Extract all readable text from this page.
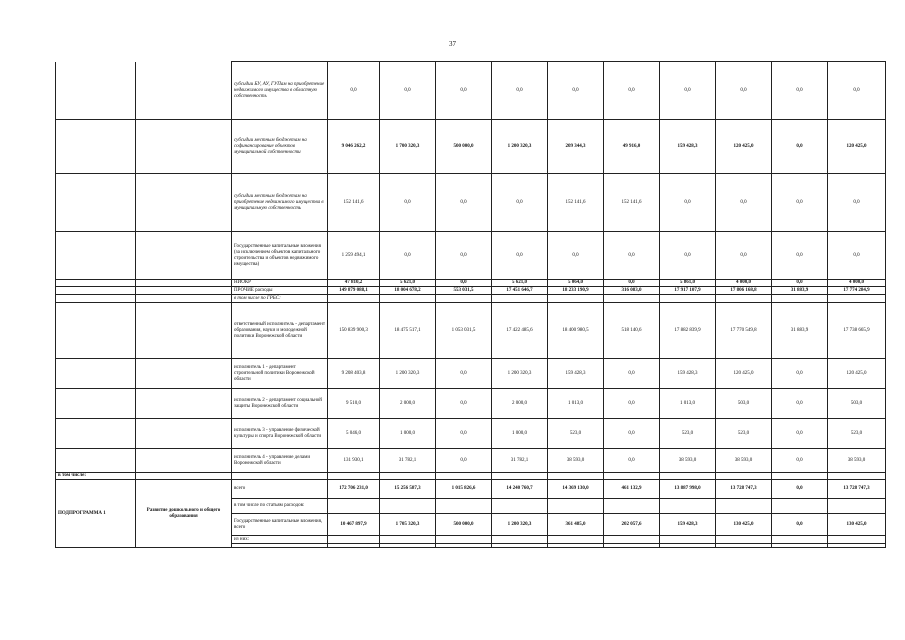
37
		субсидии БУ, АУ, ГУПам на приобретение недвижимого имущества в областную собственность	0,0	0,0	0,0	0,0	0,0	0,0	0,0	0,0	0,0	0,0
		субсидии местным бюджетам на софинансирование объектов муниципальной собственности	9 046 262,2	1 700 320,3	500 000,0	1 200 320,3	209 344,3	49 916,0	159 428,3	120 425,0	0,0	120 425,0
		субсидии местным бюджетам на приобретение недвижимого имущества в муниципальную собственность	152 141,6	0,0	0,0	0,0	152 141,6	152 141,6	0,0	0,0	0,0	0,0
		Государственные капитальные вложения (за исключением объектов капитального строительства и объектов недвижимого имущества)	1 259 494,1	0,0	0,0	0,0	0,0	0,0	0,0	0,0	0,0	0,0
		НИОКР	47 810,2	5 621,0	0,0	5 621,0	5 064,0	0,0	5 861,0	4 000,0	0,0	4 000,0
		ПРОЧИЕ расходы	149 879 088,1	18 004 678,2	553 031,5	17 451 646,7	18 233 190,9	316 083,0	17 917 107,9	17 806 168,8	31 883,9	17 774 284,9
		в том числе по ГРБС:										
		ответственный исполнитель - департамент образования, науки и молодежной политики Воронежской области	150 839 900,3	18 475 517,1	1 053 031,5	17 422 485,6	18 400 980,5	518 140,6	17 882 839,9	17 770 549,8	31 883,9	17 738 665,9
		исполнитель 1 - департамент строительной политики Воронежской области	9 208 403,8	1 200 320,3	0,0	1 200 320,3	159 428,3	0,0	159 428,3	120 425,0	0,0	120 425,0
		исполнитель 2 - департамент социальной защиты Воронежской области	9 510,0	2 000,0	0,0	2 000,0	1 013,0	0,0	1 013,0	503,0	0,0	503,0
		исполнитель 3 - управление физической культуры и спорта Воронежской области	5 046,0	1 000,0	0,0	1 000,0	523,0	0,0	523,0	523,0	0,0	523,0
		исполнитель 4 - управление делами Воронежской области	131 930,1	31 782,1	0,0	31 782,1	38 593,0	0,0	38 593,0	38 593,0	0,0	38 593,0
в том числе:												
ПОДПРОГРАММА 1	Развитие дошкольного и общего образования	всего	172 706 231,0	15 256 587,3	1 015 826,6	14 240 760,7	14 369 130,0	461 132,9	13 887 998,0	13 728 747,3	0,0	13 728 747,3
		в том числе по статьям расходов:										
		Государственные капитальные вложения, всего	10 467 897,9	1 705 320,3	500 000,0	1 200 320,3	361 485,0	202 057,6	159 428,3	130 425,0	0,0	130 425,0
		из них:										
